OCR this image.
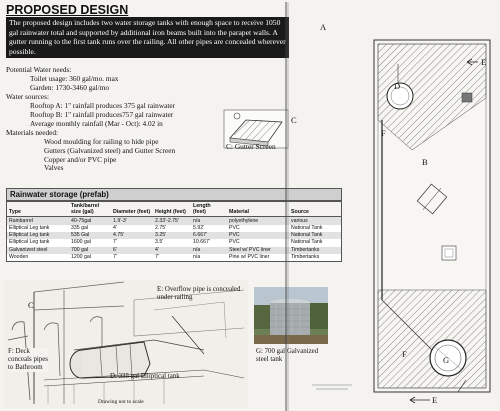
PROPOSED DESIGN
The proposed design includes two water storage tanks with enough space to receive 1050 gal rainwater total and supported by additional iron beams built into the parapet walls. A gutter running to the first tank runs over the railing. All other pipes are concealed wherever possible.
Potential Water needs:
Toilet usage: 360 gal/mo. max
Garden: 1730-3460 gal/mo
Water sources:
Rooftop A: 1" rainfall produces 375 gal rainwater
Rooftop B: 1" rainfall produces757 gal rainwater
Average monthly rainfall (Mar - Oct): 4.02 in
Materials needed:
Wood moulding for railing to hide pipe
Gutters (Galvanized steel) and Gutter Screen
Copper and/or PVC pipe
Valves
C: Gutter Screen
Rainwater storage (prefab)
Type	Tank/barrel size (gal)	Diameter (feet)	Height (feet)	Length (feet)	Material	Source
Rainbarrel	40-75gal	1.9'-3'	2.33'-2.75'	n/a	polyethylene	various
Elliptical Leg tank	335 gal	4'	2.75'	5.92'	PVC	National Tank
Elliptical Leg tank	535 Gal	4.75'	3.25'	6.667'	PVC	National Tank
Elliptical Leg tank	1600 gal	7'	3.5'	10.667'	PVC	National Tank
Galvanized steel	700 gal	6'	4'	n/a	Steel w/ PVC liner	Timbertanks
Wooden	1200 gal	7'	7'	n/a	Pine w/ PVC liner	Timbertanks
E: Overflow pipe is concealed under railing
F: Deck conceals pipes to Bathroom
D: 335 gal Elliptical tank
Drawing not to scale
C
G: 700 gal Galvanized steel tank
A
B
C
D
E
E
F
F
G
